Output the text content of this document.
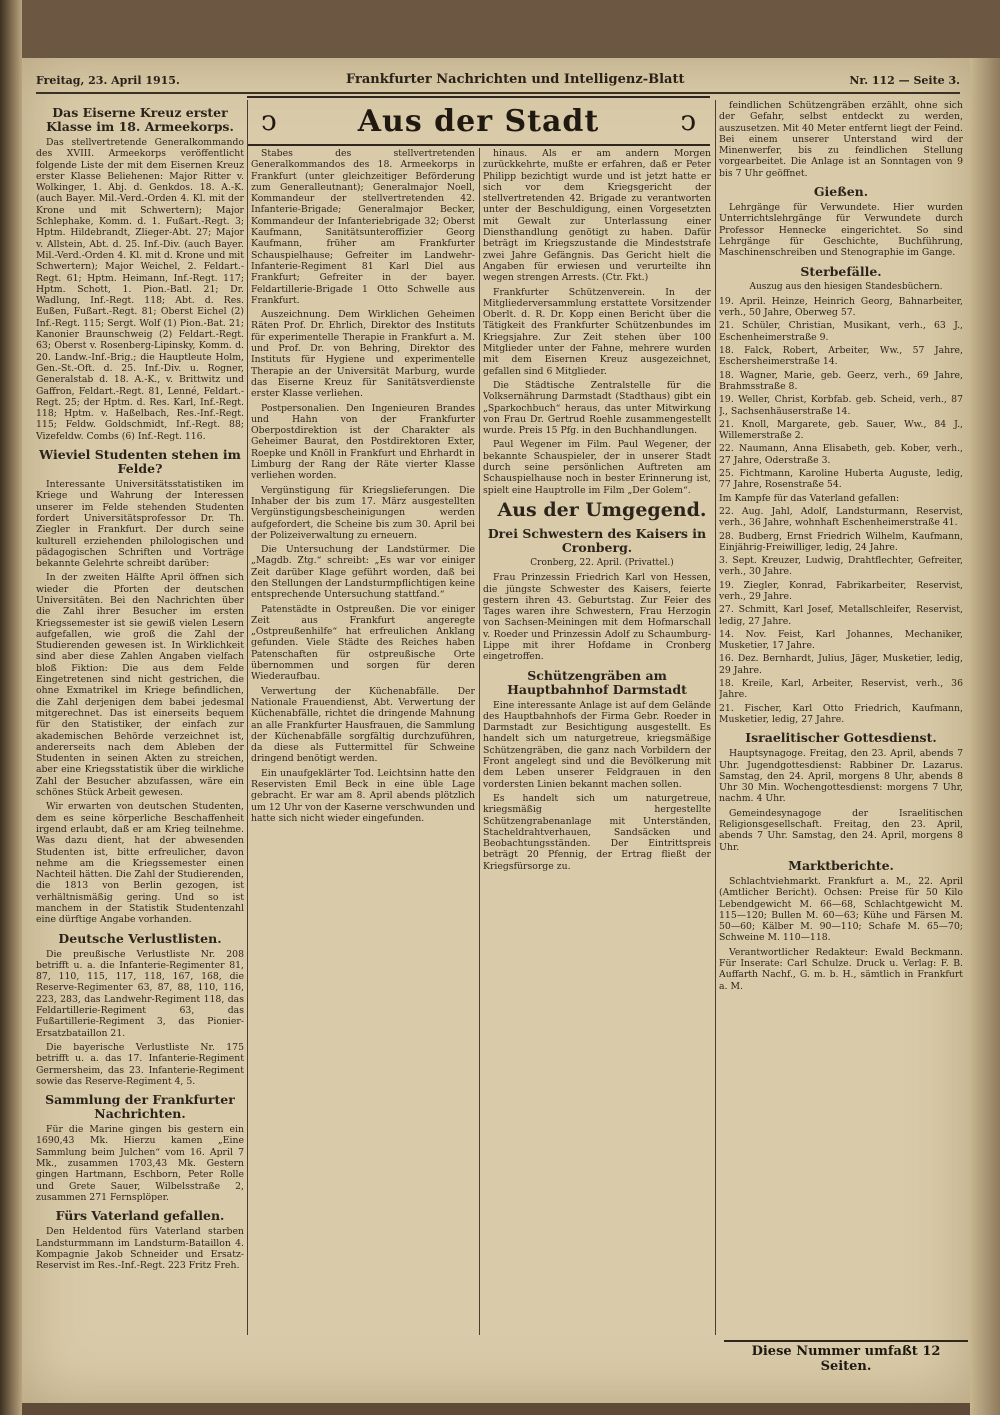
Freitag, 23. April 1915.	Frankfurter Nachrichten und Intelligenz-Blatt	Nr. 112 — Seite 3.
ↄ	Aus der Stadt	ↄ
Das Eiserne Kreuz erster Klasse im 18. Armeekorps.

Das stellvertretende Generalkommando des XVIII. Armeekorps veröffentlicht folgende Liste der mit dem Eisernen Kreuz erster Klasse Beliehenen: Major Ritter v. Wolkinger, 1. Abj. d. Genkdos. 18. A.-K. (auch Bayer. Mil.-Verd.-Orden 4. Kl. mit der Krone und mit Schwertern); Major Schlephake, Komm. d. 1. Fußart.-Regt. 3; Hptm. Hildebrandt, Zlieger-Abt. 27; Major v. Allstein, Abt. d. 25. Inf.-Div. (auch Bayer. Mil.-Verd.-Orden 4. Kl. mit d. Krone und mit Schwertern); Major Weichel, 2. Feldart.-Regt. 61; Hptm. Heimann, Inf.-Regt. 117; Hptm. Schott, 1. Pion.-Batl. 21; Dr. Wadlung, Inf.-Regt. 118; Abt. d. Res. Eußen, Fußart.-Regt. 81; Oberst Eichel (2) Inf.-Regt. 115; Sergt. Wolf (1) Pion.-Bat. 21; Kanonier Braunschweig (2) Feldart.-Regt. 63; Oberst v. Rosenberg-Lipinsky, Komm. d. 20. Landw.-Inf.-Brig.; die Hauptleute Holm, Gen.-St.-Oft. d. 25. Inf.-Div. u. Rogner, Generalstab d. 18. A.-K., v. Brittwitz und Gaffron, Feldart.-Regt. 81, Lenné, Feldart.-Regt. 25; der Hptm. d. Res. Karl, Inf.-Regt. 118; Hptm. v. Haßelbach, Res.-Inf.-Regt. 115; Feldw. Goldschmidt, Inf.-Regt. 88; Vizefeldw. Combs (6) Inf.-Regt. 116.

Wieviel Studenten stehen im Felde?

Interessante Universitätsstatistiken im Kriege und Wahrung der Interessen unserer im Felde stehenden Studenten fordert Universitätsprofessor Dr. Th. Ziegler in Frankfurt. Der durch seine kulturell erziehenden philologischen und pädagogischen Schriften und Vorträge bekannte Gelehrte schreibt darüber:

In der zweiten Hälfte April öffnen sich wieder die Pforten der deutschen Universitäten. Bei den Nachrichten über die Zahl ihrer Besucher im ersten Kriegssemester ist sie gewiß vielen Lesern aufgefallen, wie groß die Zahl der Studierenden gewesen ist. In Wirklichkeit sind aber diese Zahlen Angaben vielfach bloß Fiktion: Die aus dem Felde Eingetretenen sind nicht gestrichen, die ohne Exmatrikel im Kriege befindlichen, die Zahl derjenigen dem babei jedesmal mitgerechnet. Das ist einerseits bequem für den Statistiker, der einfach zur akademischen Behörde verzeichnet ist, andererseits nach dem Ableben der Studenten in seinen Akten zu streichen, aber eine Kriegsstatistik über die wirkliche Zahl der Besucher abzufassen, wäre ein schönes Stück Arbeit gewesen.

Wir erwarten von deutschen Studenten, dem es seine körperliche Beschaffenheit irgend erlaubt, daß er am Krieg teilnehme. Was dazu dient, hat der abwesenden Studenten ist, bitte erfreulicher, davon nehme am die Kriegssemester einen Nachteil hätten. Die Zahl der Studierenden, die 1813 von Berlin gezogen, ist verhältnismäßig gering. Und so ist manchem in der Statistik Studentenzahl eine dürftige Angabe vorhanden.

Deutsche Verlustlisten.

Die preußische Verlustliste Nr. 208 betrifft u. a. die Infanterie-Regimenter 81, 87, 110, 115, 117, 118, 167, 168, die Reserve-Regimenter 63, 87, 88, 110, 116, 223, 283, das Landwehr-Regiment 118, das Feldartillerie-Regiment 63, das Fußartillerie-Regiment 3, das Pionier-Ersatzbataillon 21.

Die bayerische Verlustliste Nr. 175 betrifft u. a. das 17. Infanterie-Regiment Germersheim, das 23. Infanterie-Regiment sowie das Reserve-Regiment 4, 5.

Sammlung der Frankfurter Nachrichten.

Für die Marine gingen bis gestern ein 1690,43 Mk. Hierzu kamen „Eine Sammlung beim Julchen“ vom 16. April 7 Mk., zusammen 1703,43 Mk. Gestern gingen Hartmann, Eschborn, Peter Rolle und Grete Sauer, Wilbelsstraße 2, zusammen 271 Fernsplöper.

Fürs Vaterland gefallen.

Den Heldentod fürs Vaterland starben Landsturmmann im Landsturm-Bataillon 4. Kompagnie Jakob Schneider und Ersatz-Reservist im Res.-Inf.-Regt. 223 Fritz Freh.

Stabes des stellvertretenden Generalkommandos des 18. Armeekorps in Frankfurt (unter gleichzeitiger Beförderung zum Generalleutnant); Generalmajor Noell, Kommandeur der stellvertretenden 42. Infanterie-Brigade; Generalmajor Becker, Kommandeur der Infanteriebrigade 32; Oberst Kaufmann, Sanitätsunteroffizier Georg Kaufmann, früher am Frankfurter Schauspielhause; Gefreiter im Landwehr-Infanterie-Regiment 81 Karl Diel aus Frankfurt; Gefreiter in der bayer. Feldartillerie-Brigade 1 Otto Schwelle aus Frankfurt.

Auszeichnung. Dem Wirklichen Geheimen Räten Prof. Dr. Ehrlich, Direktor des Instituts für experimentelle Therapie in Frankfurt a. M. und Prof. Dr. von Behring, Direktor des Instituts für Hygiene und experimentelle Therapie an der Universität Marburg, wurde das Eiserne Kreuz für Sanitätsverdienste erster Klasse verliehen.

Postpersonalien. Den Ingenieuren Brandes und Hahn von der Frankfurter Oberpostdirektion ist der Charakter als Geheimer Baurat, den Postdirektoren Exter, Roepke und Knöll in Frankfurt und Ehrhardt in Limburg der Rang der Räte vierter Klasse verliehen worden.

Vergünstigung für Kriegslieferungen. Die Inhaber der bis zum 17. März ausgestellten Vergünstigungsbescheinigungen werden aufgefordert, die Scheine bis zum 30. April bei der Polizeiverwaltung zu erneuern.

Die Untersuchung der Landstürmer. Die „Magdb. Ztg.“ schreibt: „Es war vor einiger Zeit darüber Klage geführt worden, daß bei den Stellungen der Landsturmpflichtigen keine entsprechende Untersuchung stattfand.“

Patenstädte in Ostpreußen. Die vor einiger Zeit aus Frankfurt angeregte „Ostpreußenhilfe“ hat erfreulichen Anklang gefunden. Viele Städte des Reiches haben Patenschaften für ostpreußische Orte übernommen und sorgen für deren Wiederaufbau.

Verwertung der Küchenabfälle. Der Nationale Frauendienst, Abt. Verwertung der Küchenabfälle, richtet die dringende Mahnung an alle Frankfurter Hausfrauen, die Sammlung der Küchenabfälle sorgfältig durchzuführen, da diese als Futtermittel für Schweine dringend benötigt werden.

Ein unaufgeklärter Tod. Leichtsinn hatte den Reservisten Emil Beck in eine üble Lage gebracht. Er war am 8. April abends plötzlich um 12 Uhr von der Kaserne verschwunden und hatte sich nicht wieder eingefunden.

hinaus. Als er am andern Morgen zurückkehrte, mußte er erfahren, daß er Peter Philipp bezichtigt wurde und ist jetzt hatte er sich vor dem Kriegsgericht der stellvertretenden 42. Brigade zu verantworten unter der Beschuldigung, einen Vorgesetzten mit Gewalt zur Unterlassung einer Diensthandlung genötigt zu haben. Dafür beträgt im Kriegszustande die Mindeststrafe zwei Jahre Gefängnis. Das Gericht hielt die Angaben für erwiesen und verurteilte ihn wegen strengen Arrests. (Ctr. Fkt.)

Frankfurter Schützenverein. In der Mitgliederversammlung erstattete Vorsitzender Oberlt. d. R. Dr. Kopp einen Bericht über die Tätigkeit des Frankfurter Schützenbundes im Kriegsjahre. Zur Zeit stehen über 100 Mitglieder unter der Fahne, mehrere wurden mit dem Eisernen Kreuz ausgezeichnet, gefallen sind 6 Mitglieder.

Die Städtische Zentralstelle für die Volksernährung Darmstadt (Stadthaus) gibt ein „Sparkochbuch“ heraus, das unter Mitwirkung von Frau Dr. Gertrud Roehle zusammengestellt wurde. Preis 15 Pfg. in den Buchhandlungen.

Paul Wegener im Film. Paul Wegener, der bekannte Schauspieler, der in unserer Stadt durch seine persönlichen Auftreten am Schauspielhause noch in bester Erinnerung ist, spielt eine Hauptrolle im Film „Der Golem“.

Aus der Umgegend.

Drei Schwestern des Kaisers in Cronberg.

Cronberg, 22. April. (Privattel.)

Frau Prinzessin Friedrich Karl von Hessen, die jüngste Schwester des Kaisers, feierte gestern ihren 43. Geburtstag. Zur Feier des Tages waren ihre Schwestern, Frau Herzogin von Sachsen-Meiningen mit dem Hofmarschall v. Roeder und Prinzessin Adolf zu Schaumburg-Lippe mit ihrer Hofdame in Cronberg eingetroffen.

Schützengräben am Hauptbahnhof Darmstadt

Eine interessante Anlage ist auf dem Gelände des Hauptbahnhofs der Firma Gebr. Roeder in Darmstadt zur Besichtigung ausgestellt. Es handelt sich um naturgetreue, kriegsmäßige Schützengräben, die ganz nach Vorbildern der Front angelegt sind und die Bevölkerung mit dem Leben unserer Feldgrauen in den vordersten Linien bekannt machen sollen.

Es handelt sich um naturgetreue, kriegsmäßig hergestellte Schützengrabenanlage mit Unterständen, Stacheldrahtverhauen, Sandsäcken und Beobachtungsständen. Der Eintrittspreis beträgt 20 Pfennig, der Ertrag fließt der Kriegsfürsorge zu.

feindlichen Schützengräben erzählt, ohne sich der Gefahr, selbst entdeckt zu werden, auszusetzen. Mit 40 Meter entfernt liegt der Feind. Bei einem unserer Unterstand wird der Minenwerfer, bis zu feindlichen Stellung vorgearbeitet. Die Anlage ist an Sonntagen von 9 bis 7 Uhr geöffnet.

Gießen.

Lehrgänge für Verwundete. Hier wurden Unterrichtslehrgänge für Verwundete durch Professor Hennecke eingerichtet. So sind Lehrgänge für Geschichte, Buchführung, Maschinenschreiben und Stenographie im Gange.

Sterbefälle.

Auszug aus den hiesigen Standesbüchern.

19. April. Heinze, Heinrich Georg, Bahnarbeiter, verh., 50 Jahre, Oberweg 57.

21. Schüler, Christian, Musikant, verh., 63 J., Eschenheimerstraße 9.

18. Falck, Robert, Arbeiter, Ww., 57 Jahre, Eschersheimerstraße 14.

18. Wagner, Marie, geb. Geerz, verh., 69 Jahre, Brahmsstraße 8.

19. Weller, Christ, Korbfab. geb. Scheid, verh., 87 J., Sachsenhäuserstraße 14.

21. Knoll, Margarete, geb. Sauer, Ww., 84 J., Willemerstraße 2.

22. Naumann, Anna Elisabeth, geb. Kober, verh., 27 Jahre, Oderstraße 3.

25. Fichtmann, Karoline Huberta Auguste, ledig, 77 Jahre, Rosenstraße 54.

Im Kampfe für das Vaterland gefallen:

22. Aug. Jahl, Adolf, Landsturmann, Reservist, verh., 36 Jahre, wohnhaft Eschenheimerstraße 41.

28. Budberg, Ernst Friedrich Wilhelm, Kaufmann, Einjährig-Freiwilliger, ledig, 24 Jahre.

3. Sept. Kreuzer, Ludwig, Drahtflechter, Gefreiter, verh., 30 Jahre.

19. Ziegler, Konrad, Fabrikarbeiter, Reservist, verh., 29 Jahre.

27. Schmitt, Karl Josef, Metallschleifer, Reservist, ledig, 27 Jahre.

14. Nov. Feist, Karl Johannes, Mechaniker, Musketier, 17 Jahre.

16. Dez. Bernhardt, Julius, Jäger, Musketier, ledig, 29 Jahre.

18. Kreile, Karl, Arbeiter, Reservist, verh., 36 Jahre.

21. Fischer, Karl Otto Friedrich, Kaufmann, Musketier, ledig, 27 Jahre.

Israelitischer Gottesdienst.

Hauptsynagoge. Freitag, den 23. April, abends 7 Uhr. Jugendgottesdienst: Rabbiner Dr. Lazarus. Samstag, den 24. April, morgens 8 Uhr, abends 8 Uhr 30 Min. Wochengottesdienst: morgens 7 Uhr, nachm. 4 Uhr.

Gemeindesynagoge der Israelitischen Religionsgesellschaft. Freitag, den 23. April, abends 7 Uhr. Samstag, den 24. April, morgens 8 Uhr.

Marktberichte.

Schlachtviehmarkt. Frankfurt a. M., 22. April (Amtlicher Bericht). Ochsen: Preise für 50 Kilo Lebendgewicht M. 66—68, Schlachtgewicht M. 115—120; Bullen M. 60—63; Kühe und Färsen M. 50—60; Kälber M. 90—110; Schafe M. 65—70; Schweine M. 110—118.

Verantwortlicher Redakteur: Ewald Beckmann. Für Inserate: Carl Schulze. Druck u. Verlag: F. B. Auffarth Nachf., G. m. b. H., sämtlich in Frankfurt a. M.

Diese Nummer umfaßt 12 Seiten.
